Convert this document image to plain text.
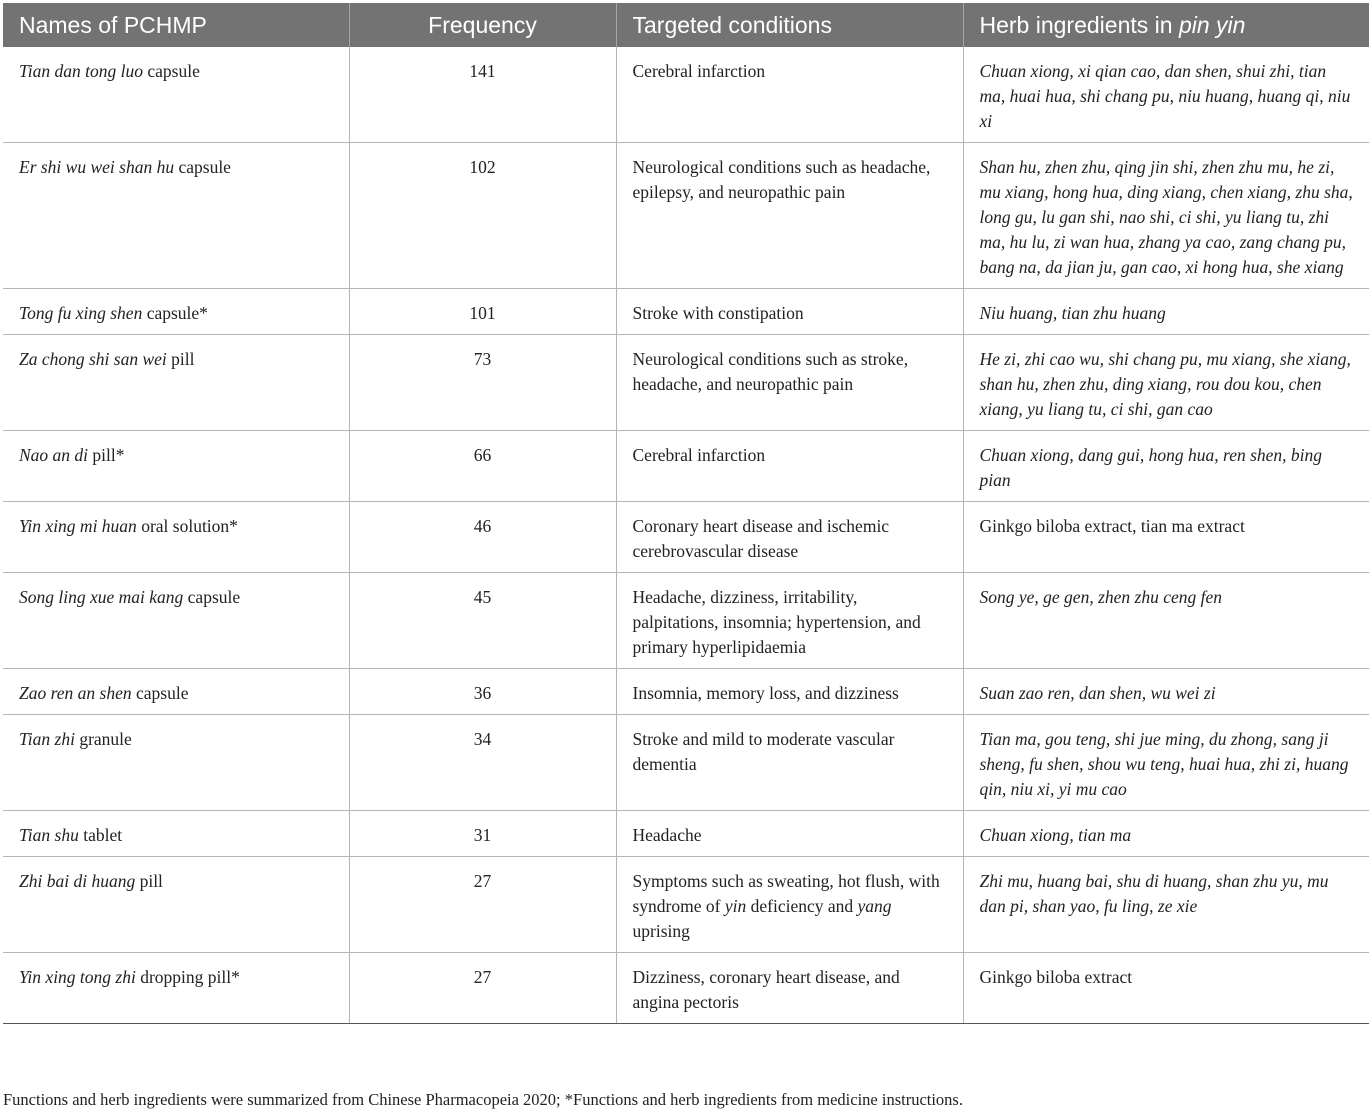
Names of PCHMP	Frequency	Targeted conditions	Herb ingredients in pin yin
Tian dan tong luo capsule	141	Cerebral infarction	Chuan xiong, xi qian cao, dan shen, shui zhi, tian ma, huai hua, shi chang pu, niu huang, huang qi, niu xi
Er shi wu wei shan hu capsule	102	Neurological conditions such as headache, epilepsy, and neuropathic pain	Shan hu, zhen zhu, qing jin shi, zhen zhu mu, he zi, mu xiang, hong hua, ding xiang, chen xiang, zhu sha, long gu, lu gan shi, nao shi, ci shi, yu liang tu, zhi ma, hu lu, zi wan hua, zhang ya cao, zang chang pu, bang na, da jian ju, gan cao, xi hong hua, she xiang
Tong fu xing shen capsule*	101	Stroke with constipation	Niu huang, tian zhu huang
Za chong shi san wei pill	73	Neurological conditions such as stroke, headache, and neuropathic pain	He zi, zhi cao wu, shi chang pu, mu xiang, she xiang, shan hu, zhen zhu, ding xiang, rou dou kou, chen xiang, yu liang tu, ci shi, gan cao
Nao an di pill*	66	Cerebral infarction	Chuan xiong, dang gui, hong hua, ren shen, bing pian
Yin xing mi huan oral solution*	46	Coronary heart disease and ischemic cerebrovascular disease	Ginkgo biloba extract, tian ma extract
Song ling xue mai kang capsule	45	Headache, dizziness, irritability, palpitations, insomnia; hypertension, and primary hyperlipidaemia	Song ye, ge gen, zhen zhu ceng fen
Zao ren an shen capsule	36	Insomnia, memory loss, and dizziness	Suan zao ren, dan shen, wu wei zi
Tian zhi granule	34	Stroke and mild to moderate vascular dementia	Tian ma, gou teng, shi jue ming, du zhong, sang ji sheng, fu shen, shou wu teng, huai hua, zhi zi, huang qin, niu xi, yi mu cao
Tian shu tablet	31	Headache	Chuan xiong, tian ma
Zhi bai di huang pill	27	Symptoms such as sweating, hot flush, with syndrome of yin deficiency and yang uprising	Zhi mu, huang bai, shu di huang, shan zhu yu, mu dan pi, shan yao, fu ling, ze xie
Yin xing tong zhi dropping pill*	27	Dizziness, coronary heart disease, and angina pectoris	Ginkgo biloba extract
Functions and herb ingredients were summarized from Chinese Pharmacopeia 2020; *Functions and herb ingredients from medicine instructions.
